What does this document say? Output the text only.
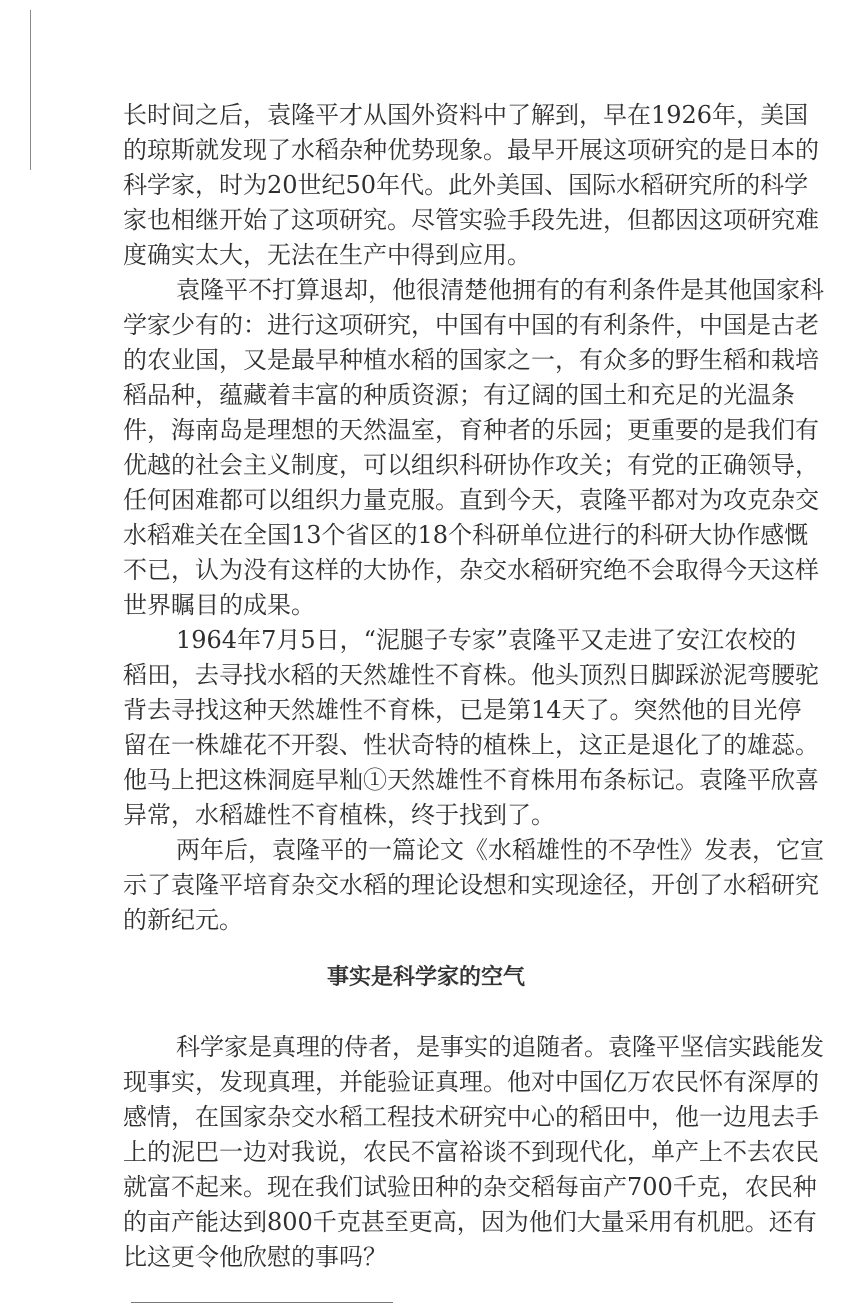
长时间之后，袁隆平才从国外资料中了解到，早在1926年，美国
的琼斯就发现了水稻杂种优势现象。最早开展这项研究的是日本的
科学家，时为20世纪50年代。此外美国、国际水稻研究所的科学
家也相继开始了这项研究。尽管实验手段先进，但都因这项研究难
度确实太大，无法在生产中得到应用。
袁隆平不打算退却，他很清楚他拥有的有利条件是其他国家科
学家少有的：进行这项研究，中国有中国的有利条件，中国是古老
的农业国，又是最早种植水稻的国家之一，有众多的野生稻和栽培
稻品种，蕴藏着丰富的种质资源；有辽阔的国土和充足的光温条
件，海南岛是理想的天然温室，育种者的乐园；更重要的是我们有
优越的社会主义制度，可以组织科研协作攻关；有党的正确领导，
任何困难都可以组织力量克服。直到今天，袁隆平都对为攻克杂交
水稻难关在全国13个省区的18个科研单位进行的科研大协作感慨
不已，认为没有这样的大协作，杂交水稻研究绝不会取得今天这样
世界瞩目的成果。
1964年7月5日，“泥腿子专家”袁隆平又走进了安江农校的
稻田，去寻找水稻的天然雄性不育株。他头顶烈日脚踩淤泥弯腰驼
背去寻找这种天然雄性不育株，已是第14天了。突然他的目光停
留在一株雄花不开裂、性状奇特的植株上，这正是退化了的雄蕊。
他马上把这株洞庭早籼①天然雄性不育株用布条标记。袁隆平欣喜
异常，水稻雄性不育植株，终于找到了。
两年后，袁隆平的一篇论文《水稻雄性的不孕性》发表，它宣
示了袁隆平培育杂交水稻的理论设想和实现途径，开创了水稻研究
的新纪元。
事实是科学家的空气
科学家是真理的侍者，是事实的追随者。袁隆平坚信实践能发
现事实，发现真理，并能验证真理。他对中国亿万农民怀有深厚的
感情，在国家杂交水稻工程技术研究中心的稻田中，他一边甩去手
上的泥巴一边对我说，农民不富裕谈不到现代化，单产上不去农民
就富不起来。现在我们试验田种的杂交稻每亩产700千克，农民种
的亩产能达到800千克甚至更高，因为他们大量采用有机肥。还有
比这更令他欣慰的事吗？
